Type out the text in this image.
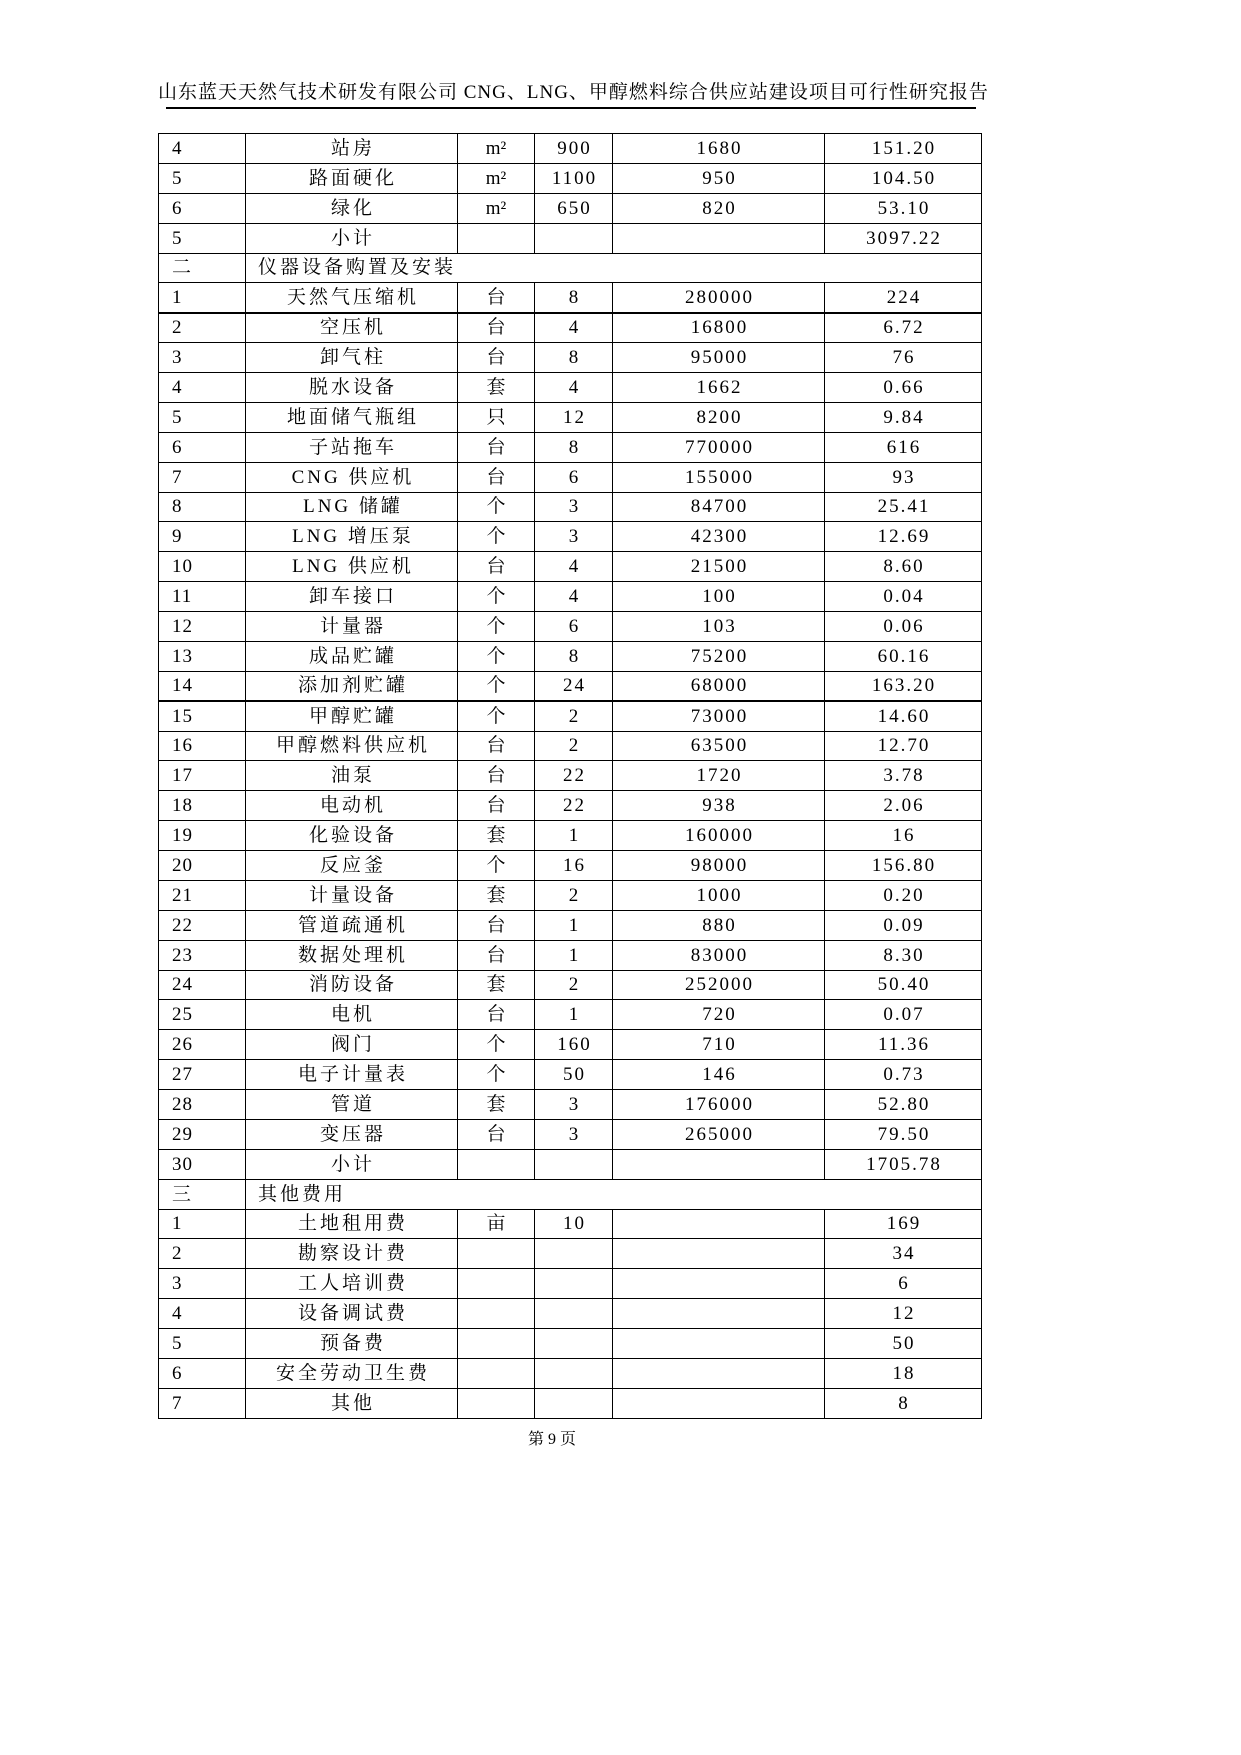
山东蓝天天然气技术研发有限公司 CNG、LNG、甲醇燃料综合供应站建设项目可行性研究报告
4	站房	m²	900	1680	151.20
5	路面硬化	m²	1100	950	104.50
6	绿化	m²	650	820	53.10
5	小计				3097.22
二	仪器设备购置及安装				
1	天然气压缩机	台	8	280000	224
2	空压机	台	4	16800	6.72
3	卸气柱	台	8	95000	76
4	脱水设备	套	4	1662	0.66
5	地面储气瓶组	只	12	8200	9.84
6	子站拖车	台	8	770000	616
7	CNG 供应机	台	6	155000	93
8	LNG 储罐	个	3	84700	25.41
9	LNG 增压泵	个	3	42300	12.69
10	LNG 供应机	台	4	21500	8.60
11	卸车接口	个	4	100	0.04
12	计量器	个	6	103	0.06
13	成品贮罐	个	8	75200	60.16
14	添加剂贮罐	个	24	68000	163.20
15	甲醇贮罐	个	2	73000	14.60
16	甲醇燃料供应机	台	2	63500	12.70
17	油泵	台	22	1720	3.78
18	电动机	台	22	938	2.06
19	化验设备	套	1	160000	16
20	反应釜	个	16	98000	156.80
21	计量设备	套	2	1000	0.20
22	管道疏通机	台	1	880	0.09
23	数据处理机	台	1	83000	8.30
24	消防设备	套	2	252000	50.40
25	电机	台	1	720	0.07
26	阀门	个	160	710	11.36
27	电子计量表	个	50	146	0.73
28	管道	套	3	176000	52.80
29	变压器	台	3	265000	79.50
30	小计				1705.78
三	其他费用				
1	土地租用费	亩	10		169
2	勘察设计费				34
3	工人培训费				6
4	设备调试费				12
5	预备费				50
6	安全劳动卫生费				18
7	其他				8
第 9 页
